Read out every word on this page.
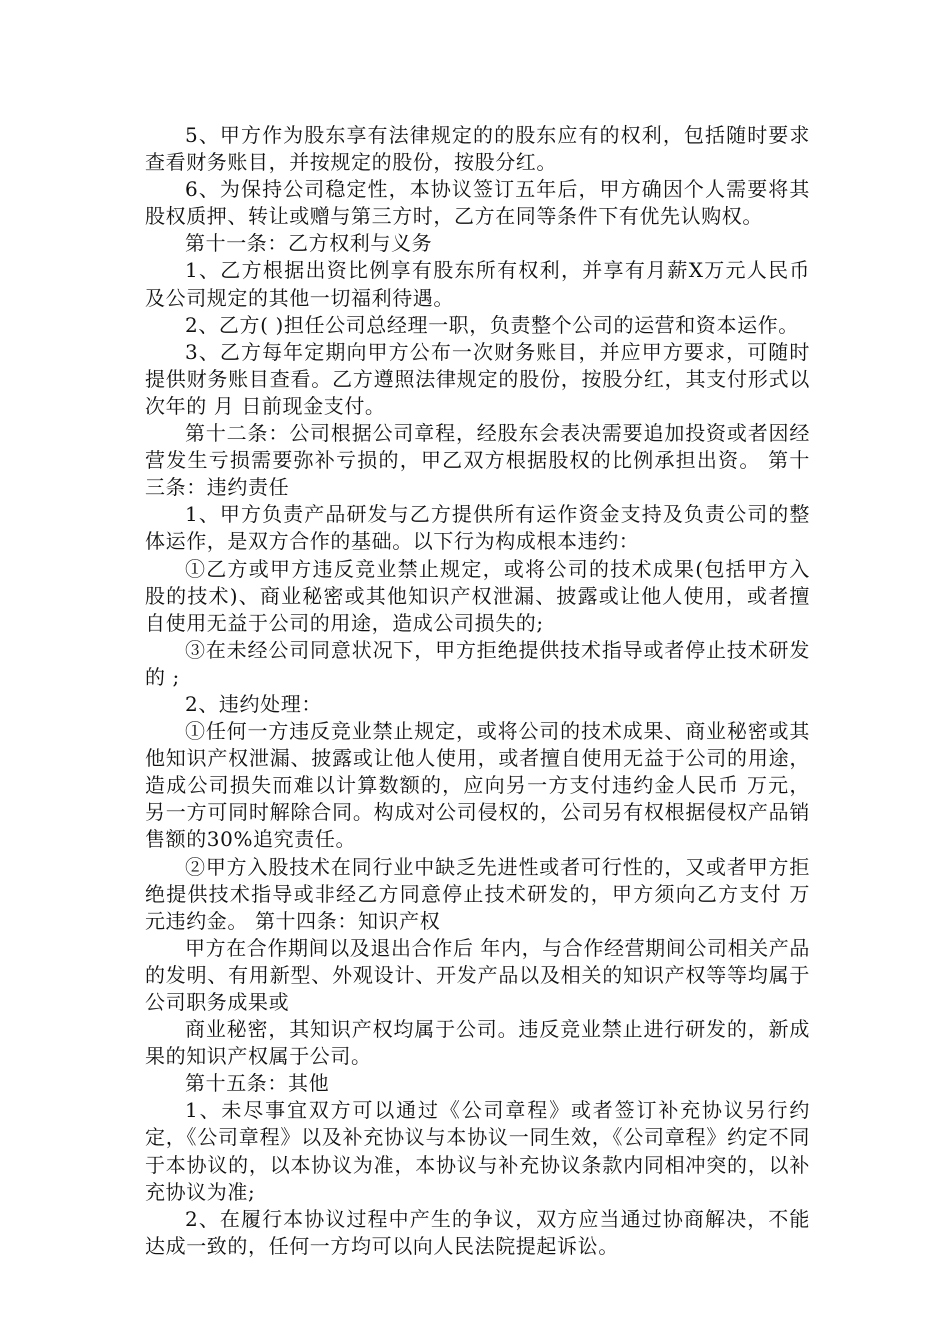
5、甲方作为股东享有法律规定的的股东应有的权利，包括随时要求查看财务账目，并按规定的股份，按股分红。

6、为保持公司稳定性，本协议签订五年后，甲方确因个人需要将其股权质押、转让或赠与第三方时，乙方在同等条件下有优先认购权。

第十一条：乙方权利与义务

1、乙方根据出资比例享有股东所有权利，并享有月薪X万元人民币及公司规定的其他一切福利待遇。

2、乙方( )担任公司总经理一职，负责整个公司的运营和资本运作。

3、乙方每年定期向甲方公布一次财务账目，并应甲方要求，可随时提供财务账目查看。乙方遵照法律规定的股份，按股分红，其支付形式以次年的 月 日前现金支付。

第十二条：公司根据公司章程，经股东会表决需要追加投资或者因经营发生亏损需要弥补亏损的，甲乙双方根据股权的比例承担出资。 第十三条：违约责任

1、甲方负责产品研发与乙方提供所有运作资金支持及负责公司的整体运作，是双方合作的基础。以下行为构成根本违约：

①乙方或甲方违反竞业禁止规定，或将公司的技术成果(包括甲方入股的技术)、商业秘密或其他知识产权泄漏、披露或让他人使用，或者擅自使用无益于公司的用途，造成公司损失的;

③在未经公司同意状况下，甲方拒绝提供技术指导或者停止技术研发的 ;

2、违约处理：

①任何一方违反竞业禁止规定，或将公司的技术成果、商业秘密或其他知识产权泄漏、披露或让他人使用，或者擅自使用无益于公司的用途，造成公司损失而难以计算数额的，应向另一方支付违约金人民币 万元，另一方可同时解除合同。构成对公司侵权的，公司另有权根据侵权产品销售额的30%追究责任。

②甲方入股技术在同行业中缺乏先进性或者可行性的，又或者甲方拒绝提供技术指导或非经乙方同意停止技术研发的，甲方须向乙方支付 万元违约金。 第十四条：知识产权

甲方在合作期间以及退出合作后 年内，与合作经营期间公司相关产品的发明、有用新型、外观设计、开发产品以及相关的知识产权等等均属于公司职务成果或

商业秘密，其知识产权均属于公司。违反竞业禁止进行研发的，新成果的知识产权属于公司。

第十五条：其他

1、未尽事宜双方可以通过《公司章程》或者签订补充协议另行约定，《公司章程》以及补充协议与本协议一同生效，《公司章程》约定不同于本协议的，以本协议为准，本协议与补充协议条款内同相冲突的，以补充协议为准;

2、在履行本协议过程中产生的争议，双方应当通过协商解决，不能达成一致的，任何一方均可以向人民法院提起诉讼。
